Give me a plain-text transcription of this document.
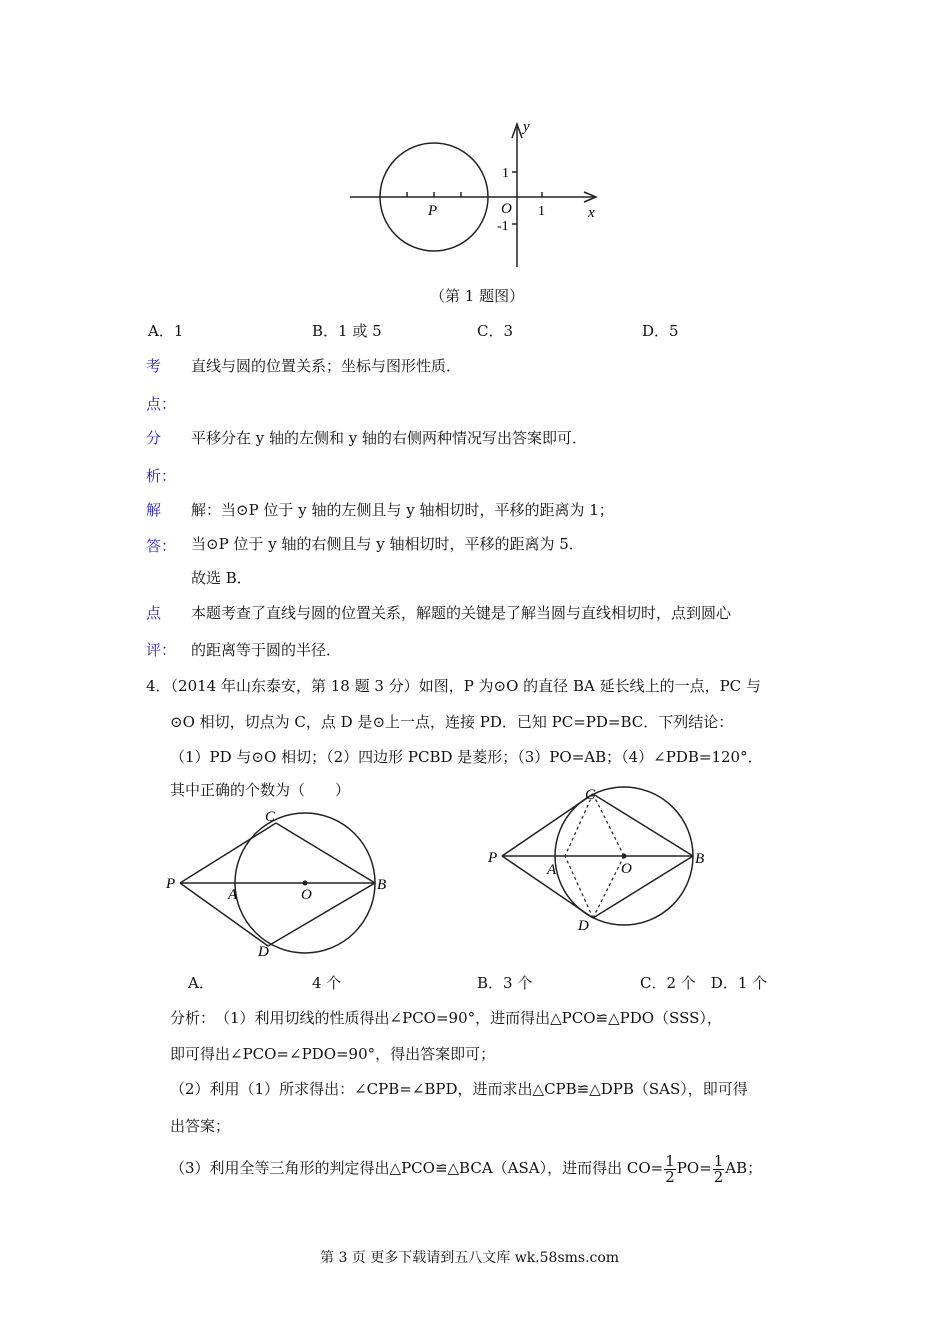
y
x
1
-1
O 1
P
（第 1 题图）
A．1	B．1 或 5	C．3	D．5
考
点：
直线与圆的位置关系；坐标与图形性质．
分
析：
平移分在 y 轴的左侧和 y 轴的右侧两种情况写出答案即可．
解
答：
解：当⊙P 位于 y 轴的左侧且与 y 轴相切时，平移的距离为 1；
当⊙P 位于 y 轴的右侧且与 y 轴相切时，平移的距离为 5．
故选 B．
点
评：
本题考查了直线与圆的位置关系，解题的关键是了解当圆与直线相切时，点到圆心
的距离等于圆的半径．
4．（2014 年山东泰安，第 18 题 3 分）如图，P 为⊙O 的直径 BA 延长线上的一点，PC 与
⊙O 相切，切点为 C，点 D 是⊙上一点，连接 PD．已知 PC=PD=BC．下列结论：
（1）PD 与⊙O 相切；（2）四边形 PCBD 是菱形；（3）PO=AB；（4）∠PDB=120°．
其中正确的个数为（　　）
C
P
A	O
B
D
C
P
A	O
B
D
A．	4 个	B．3 个	C．2 个　D．1 个
分析：　（1）利用切线的性质得出∠PCO=90°，进而得出△PCO≌△PDO（SSS），
即可得出∠PCO=∠PDO=90°，得出答案即可；
（2）利用（1）所求得出：∠CPB=∠BPD，进而求出△CPB≌△DPB（SAS），即可得
出答案；
（3）利用全等三角形的判定得出△PCO≌△BCA（ASA），进而得出 $CO= \frac{1}{2} PO= \frac{1}{2}$ AB；
第 3 页 更多下载请到五八文库 wk.58sms.com
